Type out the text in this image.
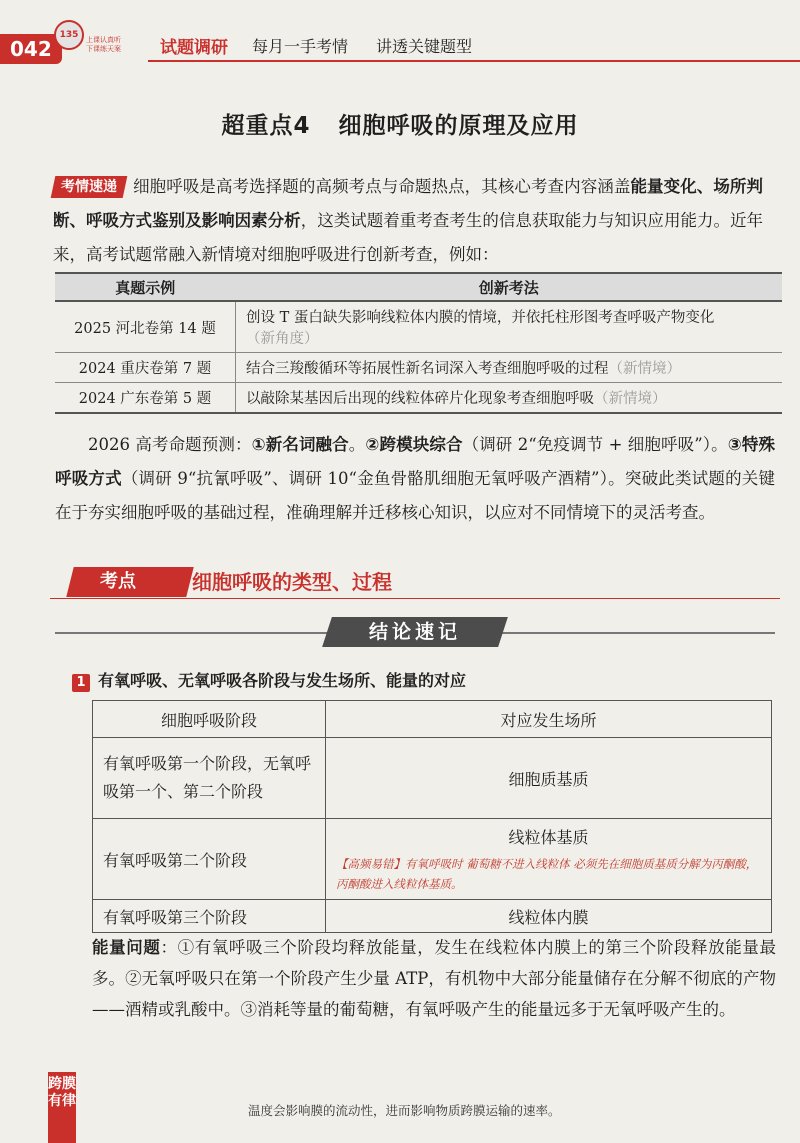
042
135	上课认真听
下课练天案	试题调研 每月一手考情 讲透关键题型
超重点4 细胞呼吸的原理及应用
考情速递 细胞呼吸是高考选择题的高频考点与命题热点，其核心考查内容涵盖能量变化、场所判断、呼吸方式鉴别及影响因素分析，这类试题着重考查考生的信息获取能力与知识应用能力。近年来，高考试题常融入新情境对细胞呼吸进行创新考查，例如：
真题示例	创新考法
2025 河北卷第 14 题	创设 T 蛋白缺失影响线粒体内膜的情境，并依托柱形图考查呼吸产物变化
（新角度）
2024 重庆卷第 7 题	结合三羧酸循环等拓展性新名词深入考查细胞呼吸的过程（新情境）
2024 广东卷第 5 题	以敲除某基因后出现的线粒体碎片化现象考查细胞呼吸（新情境）
2026 高考命题预测：①新名词融合。②跨模块综合（调研 2“免疫调节 + 细胞呼吸”）。③特殊呼吸方式（调研 9“抗氰呼吸”、调研 10“金鱼骨骼肌细胞无氧呼吸产酒精”）。突破此类试题的关键在于夯实细胞呼吸的基础过程，准确理解并迁移核心知识，以应对不同情境下的灵活考查。
考点	细胞呼吸的类型、过程
结论速记
1 有氧呼吸、无氧呼吸各阶段与发生场所、能量的对应
细胞呼吸阶段	对应发生场所
有氧呼吸第一个阶段，无氧呼吸第一个、第二个阶段	细胞质基质
有氧呼吸第二个阶段	线粒体基质
【高频易错】有氧呼吸时 葡萄糖不进入线粒体 必须先在细胞质基质分解为丙酮酸，丙酮酸进入线粒体基质。

有氧呼吸第三个阶段	线粒体内膜
能量问题：①有氧呼吸三个阶段均释放能量，发生在线粒体内膜上的第三个阶段释放能量最多。②无氧呼吸只在第一个阶段产生少量 ATP，有机物中大部分能量储存在分解不彻底的产物——酒精或乳酸中。③消耗等量的葡萄糖，有氧呼吸产生的能量远多于无氧呼吸产生的。
跨膜有律
温度会影响膜的流动性，进而影响物质跨膜运输的速率。
